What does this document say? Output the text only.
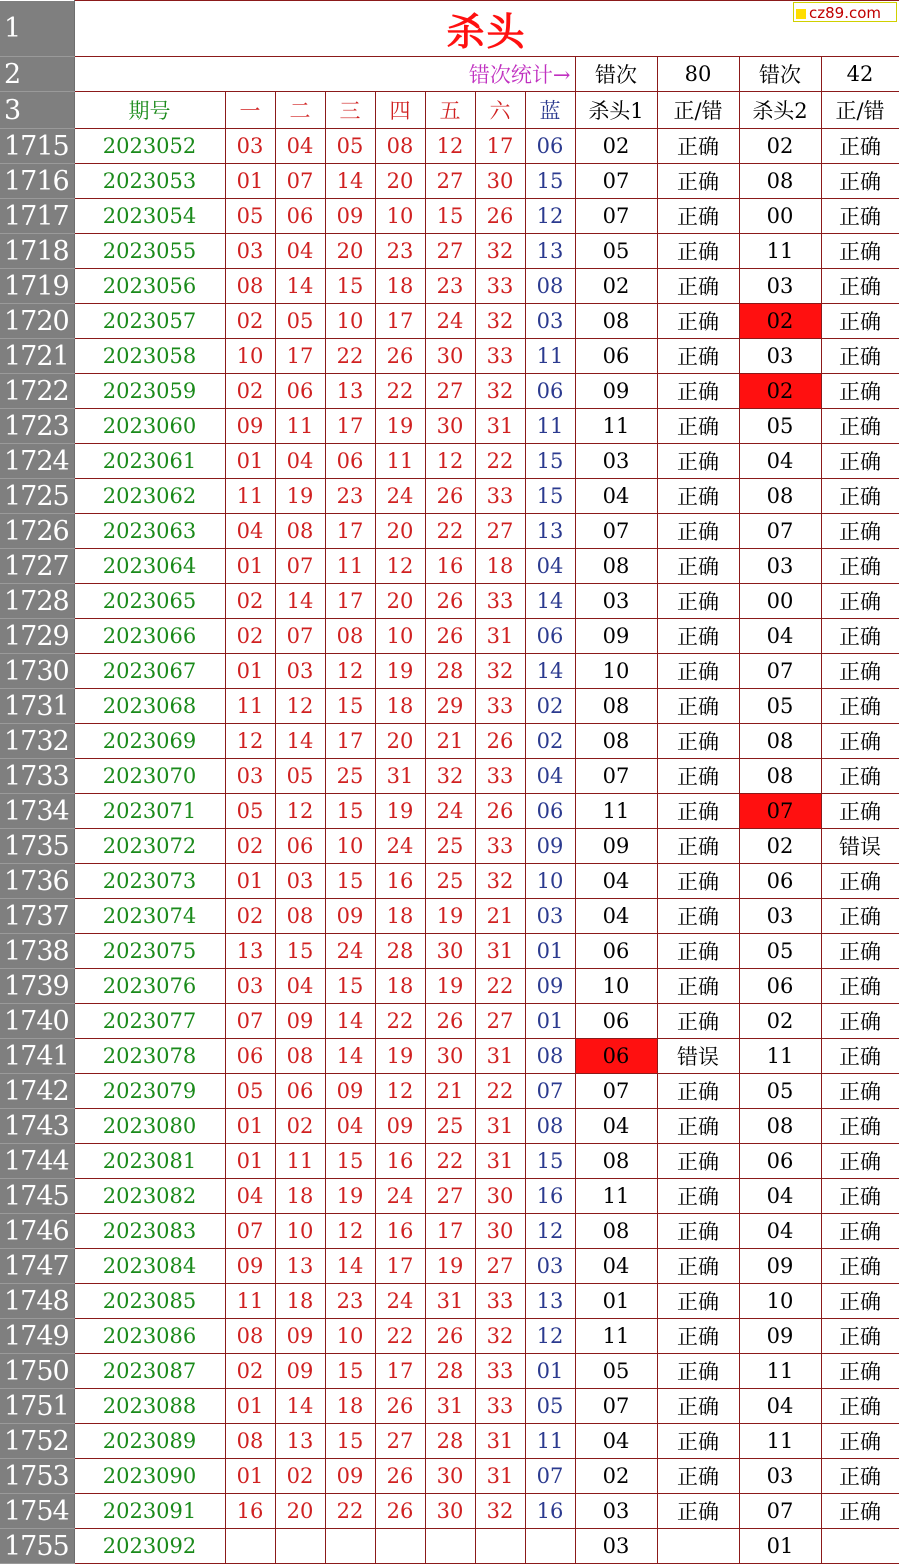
1	杀头											
2	错次统计→								错次	80	错次	42
3	期号	一	二	三	四	五	六	蓝	杀头1	正/错	杀头2	正/错
1715	2023052	03	04	05	08	12	17	06	02	正确	02	正确
1716	2023053	01	07	14	20	27	30	15	07	正确	08	正确
1717	2023054	05	06	09	10	15	26	12	07	正确	00	正确
1718	2023055	03	04	20	23	27	32	13	05	正确	11	正确
1719	2023056	08	14	15	18	23	33	08	02	正确	03	正确
1720	2023057	02	05	10	17	24	32	03	08	正确	02	正确
1721	2023058	10	17	22	26	30	33	11	06	正确	03	正确
1722	2023059	02	06	13	22	27	32	06	09	正确	02	正确
1723	2023060	09	11	17	19	30	31	11	11	正确	05	正确
1724	2023061	01	04	06	11	12	22	15	03	正确	04	正确
1725	2023062	11	19	23	24	26	33	15	04	正确	08	正确
1726	2023063	04	08	17	20	22	27	13	07	正确	07	正确
1727	2023064	01	07	11	12	16	18	04	08	正确	03	正确
1728	2023065	02	14	17	20	26	33	14	03	正确	00	正确
1729	2023066	02	07	08	10	26	31	06	09	正确	04	正确
1730	2023067	01	03	12	19	28	32	14	10	正确	07	正确
1731	2023068	11	12	15	18	29	33	02	08	正确	05	正确
1732	2023069	12	14	17	20	21	26	02	08	正确	08	正确
1733	2023070	03	05	25	31	32	33	04	07	正确	08	正确
1734	2023071	05	12	15	19	24	26	06	11	正确	07	正确
1735	2023072	02	06	10	24	25	33	09	09	正确	02	错误
1736	2023073	01	03	15	16	25	32	10	04	正确	06	正确
1737	2023074	02	08	09	18	19	21	03	04	正确	03	正确
1738	2023075	13	15	24	28	30	31	01	06	正确	05	正确
1739	2023076	03	04	15	18	19	22	09	10	正确	06	正确
1740	2023077	07	09	14	22	26	27	01	06	正确	02	正确
1741	2023078	06	08	14	19	30	31	08	06	错误	11	正确
1742	2023079	05	06	09	12	21	22	07	07	正确	05	正确
1743	2023080	01	02	04	09	25	31	08	04	正确	08	正确
1744	2023081	01	11	15	16	22	31	15	08	正确	06	正确
1745	2023082	04	18	19	24	27	30	16	11	正确	04	正确
1746	2023083	07	10	12	16	17	30	12	08	正确	04	正确
1747	2023084	09	13	14	17	19	27	03	04	正确	09	正确
1748	2023085	11	18	23	24	31	33	13	01	正确	10	正确
1749	2023086	08	09	10	22	26	32	12	11	正确	09	正确
1750	2023087	02	09	15	17	28	33	01	05	正确	11	正确
1751	2023088	01	14	18	26	31	33	05	07	正确	04	正确
1752	2023089	08	13	15	27	28	31	11	04	正确	11	正确
1753	2023090	01	02	09	26	30	31	07	02	正确	03	正确
1754	2023091	16	20	22	26	30	32	16	03	正确	07	正确
1755	2023092								03		01	
cz89.com
